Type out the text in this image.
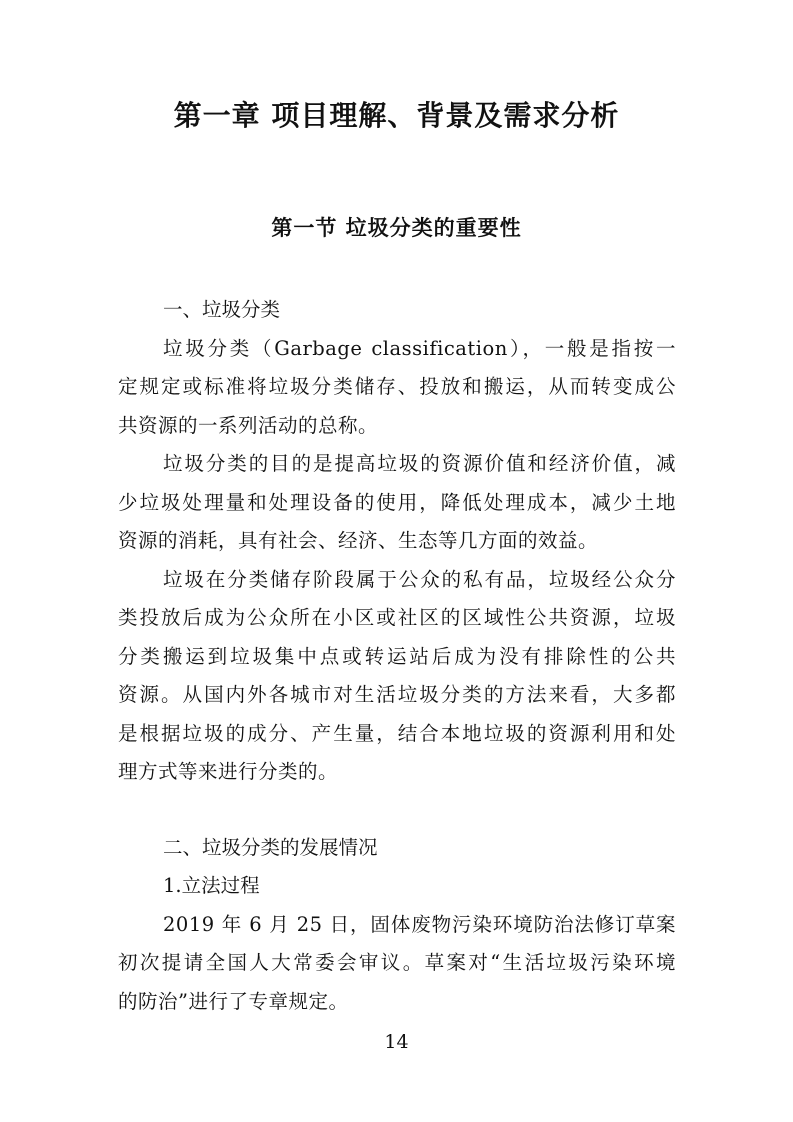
第一章 项目理解、背景及需求分析
第一节 垃圾分类的重要性
一、垃圾分类
垃圾分类（Garbage classification），一般是指按一
定规定或标准将垃圾分类储存、投放和搬运，从而转变成公
共资源的一系列活动的总称。
垃圾分类的目的是提高垃圾的资源价值和经济价值，减
少垃圾处理量和处理设备的使用，降低处理成本，减少土地
资源的消耗，具有社会、经济、生态等几方面的效益。
垃圾在分类储存阶段属于公众的私有品，垃圾经公众分
类投放后成为公众所在小区或社区的区域性公共资源，垃圾
分类搬运到垃圾集中点或转运站后成为没有排除性的公共
资源。从国内外各城市对生活垃圾分类的方法来看，大多都
是根据垃圾的成分、产生量，结合本地垃圾的资源利用和处
理方式等来进行分类的。
二、垃圾分类的发展情况
1.立法过程
2019 年 6 月 25 日，固体废物污染环境防治法修订草案
初次提请全国人大常委会审议。草案对“生活垃圾污染环境
的防治”进行了专章规定。
14
